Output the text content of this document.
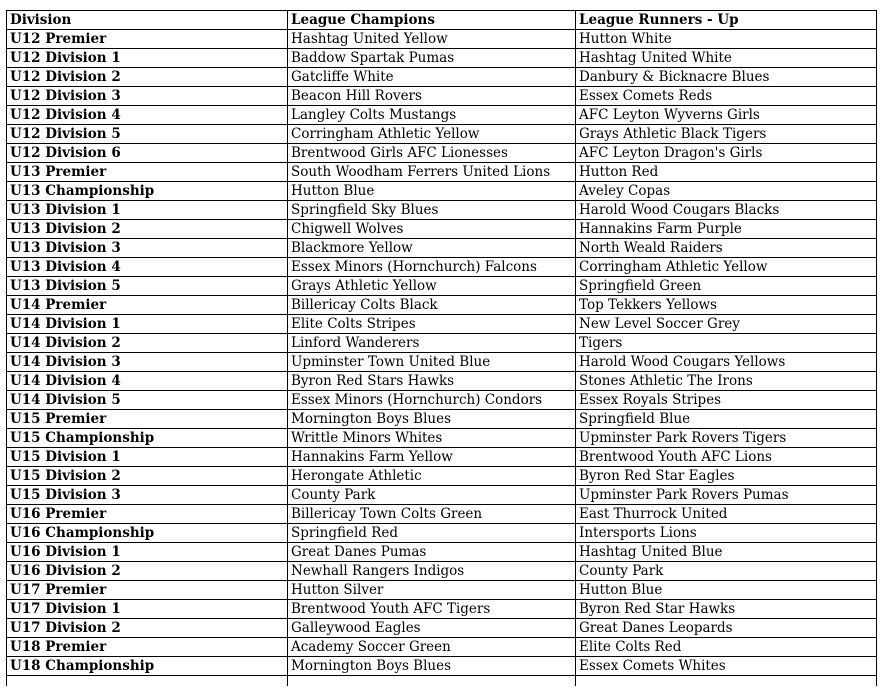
Division	League Champions	League Runners - Up
U12 Premier	Hashtag United Yellow	Hutton White
U12 Division 1	Baddow Spartak Pumas	Hashtag United White
U12 Division 2	Gatcliffe White	Danbury & Bicknacre Blues
U12 Division 3	Beacon Hill Rovers	Essex Comets Reds
U12 Division 4	Langley Colts Mustangs	AFC Leyton Wyverns Girls
U12 Division 5	Corringham Athletic Yellow	Grays Athletic Black Tigers
U12 Division 6	Brentwood Girls AFC Lionesses	AFC Leyton Dragon's Girls
U13 Premier	South Woodham Ferrers United Lions	Hutton Red
U13 Championship	Hutton Blue	Aveley Copas
U13 Division 1	Springfield Sky Blues	Harold Wood Cougars Blacks
U13 Division 2	Chigwell Wolves	Hannakins Farm Purple
U13 Division 3	Blackmore Yellow	North Weald Raiders
U13 Division 4	Essex Minors (Hornchurch) Falcons	Corringham Athletic Yellow
U13 Division 5	Grays Athletic Yellow	Springfield Green
U14 Premier	Billericay Colts Black	Top Tekkers Yellows
U14 Division 1	Elite Colts Stripes	New Level Soccer Grey
U14 Division 2	Linford Wanderers	Tigers
U14 Division 3	Upminster Town United Blue	Harold Wood Cougars Yellows
U14 Division 4	Byron Red Stars Hawks	Stones Athletic The Irons
U14 Division 5	Essex Minors (Hornchurch) Condors	Essex Royals Stripes
U15 Premier	Mornington Boys Blues	Springfield Blue
U15 Championship	Writtle Minors Whites	Upminster Park Rovers Tigers
U15 Division 1	Hannakins Farm Yellow	Brentwood Youth AFC Lions
U15 Division 2	Herongate Athletic	Byron Red Star Eagles
U15 Division 3	County Park	Upminster Park Rovers Pumas
U16 Premier	Billericay Town Colts Green	East Thurrock United
U16 Championship	Springfield Red	Intersports Lions
U16 Division 1	Great Danes Pumas	Hashtag United Blue
U16 Division 2	Newhall Rangers Indigos	County Park
U17 Premier	Hutton Silver	Hutton Blue
U17 Division 1	Brentwood Youth AFC Tigers	Byron Red Star Hawks
U17 Division 2	Galleywood Eagles	Great Danes Leopards
U18 Premier	Academy Soccer Green	Elite Colts Red
U18 Championship	Mornington Boys Blues	Essex Comets Whites
